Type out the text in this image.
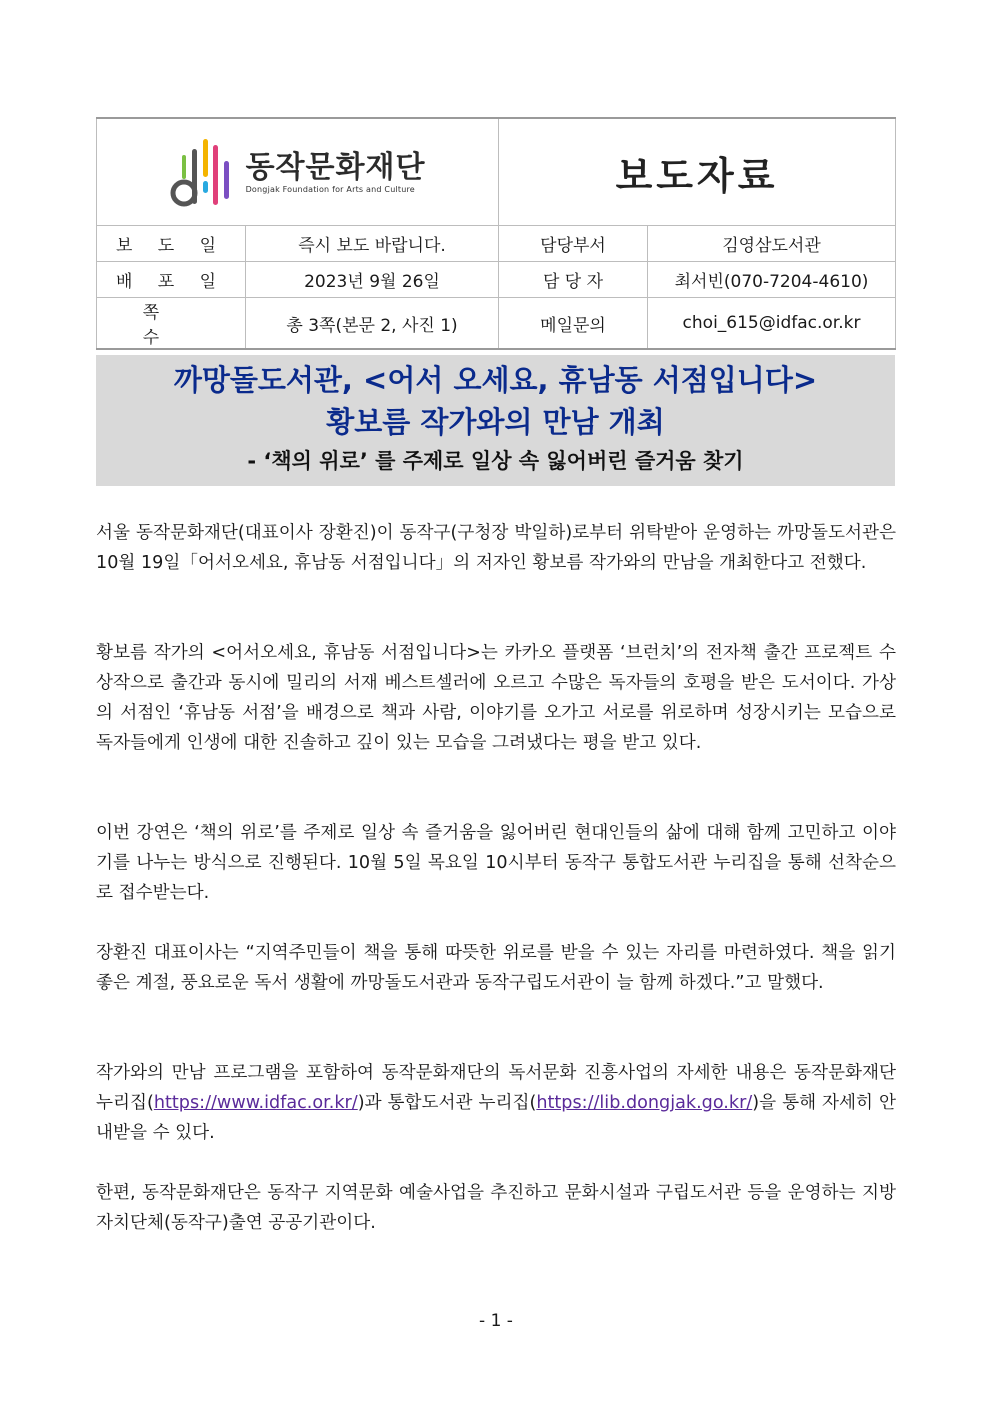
동작문화재단
Dongjak Foundation for Arts and Culture		보도자료	
보 도 일	즉시 보도 바랍니다.	담당부서	김영삼도서관
배 포 일	2023년 9월 26일	담 당 자	최서빈(070-7204-4610)
쪽 수	총 3쪽(본문 2, 사진 1)	메일문의	choi_615@idfac.or.kr
까망돌도서관, <어서 오세요, 휴남동 서점입니다>
황보름 작가와의 만남 개최
- ‘책의 위로’ 를 주제로 일상 속 잃어버린 즐거움 찾기
서울 동작문화재단(대표이사 장환진)이 동작구(구청장 박일하)로부터 위탁받아 운영하는 까망돌도서관은 10월 19일「어서오세요, 휴남동 서점입니다」의 저자인 황보름 작가와의 만남을 개최한다고 전했다.
황보름 작가의 <어서오세요, 휴남동 서점입니다>는 카카오 플랫폼 ‘브런치’의 전자책 출간 프로젝트 수상작으로 출간과 동시에 밀리의 서재 베스트셀러에 오르고 수많은 독자들의 호평을 받은 도서이다. 가상의 서점인 ‘휴남동 서점’을 배경으로 책과 사람, 이야기를 오가고 서로를 위로하며 성장시키는 모습으로 독자들에게 인생에 대한 진솔하고 깊이 있는 모습을 그려냈다는 평을 받고 있다.
이번 강연은 ‘책의 위로’를 주제로 일상 속 즐거움을 잃어버린 현대인들의 삶에 대해 함께 고민하고 이야기를 나누는 방식으로 진행된다. 10월 5일 목요일 10시부터 동작구 통합도서관 누리집을 통해 선착순으로 접수받는다.
장환진 대표이사는 “지역주민들이 책을 통해 따뜻한 위로를 받을 수 있는 자리를 마련하였다. 책을 읽기 좋은 계절, 풍요로운 독서 생활에 까망돌도서관과 동작구립도서관이 늘 함께 하겠다.”고 말했다.
작가와의 만남 프로그램을 포함하여 동작문화재단의 독서문화 진흥사업의 자세한 내용은 동작문화재단 누리집(https://www.idfac.or.kr/)과 통합도서관 누리집(https://lib.dongjak.go.kr/)을 통해 자세히 안내받을 수 있다.
한편, 동작문화재단은 동작구 지역문화 예술사업을 추진하고 문화시설과 구립도서관 등을 운영하는 지방자치단체(동작구)출연 공공기관이다.
- 1 -
